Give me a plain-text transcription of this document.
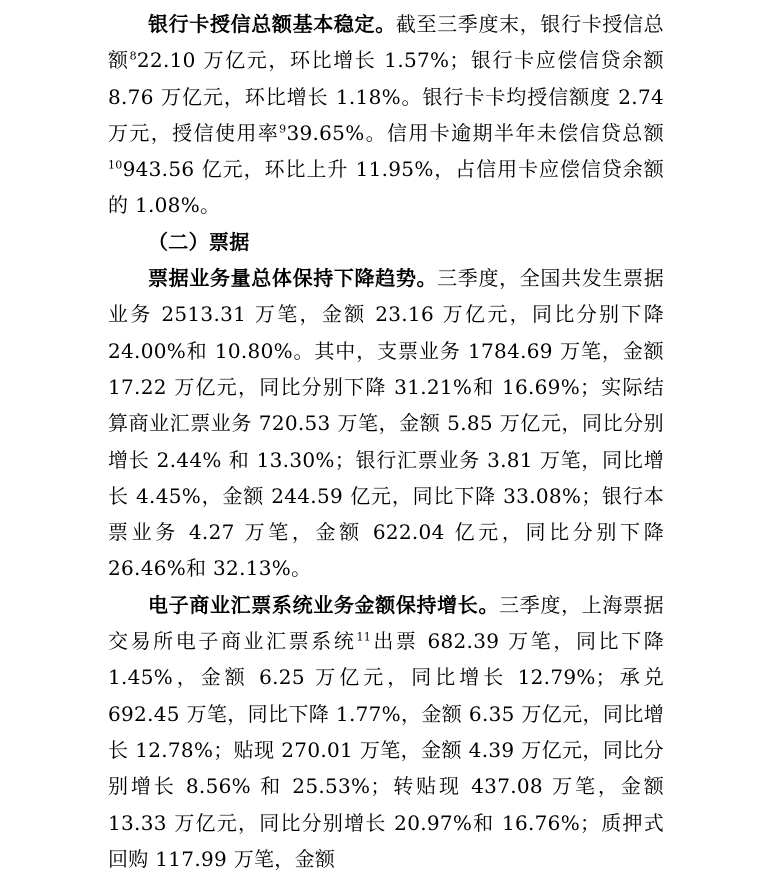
银行卡授信总额基本稳定。截至三季度末，银行卡授信总额$^8$22.10 万亿元，环比增长 1.57%；银行卡应偿信贷余额 8.76 万亿元，环比增长 1.18%。银行卡卡均授信额度 2.74 万元，授信使用率$^9$39.65%。信用卡逾期半年未偿信贷总额$^{10}$943.56 亿元，环比上升 11.95%，占信用卡应偿信贷余额的 1.08%。

（二）票据

票据业务量总体保持下降趋势。三季度，全国共发生票据业务 2513.31 万笔，金额 23.16 万亿元，同比分别下降 24.00%和 10.80%。其中，支票业务 1784.69 万笔，金额 17.22 万亿元，同比分别下降 31.21%和 16.69%；实际结算商业汇票业务 720.53 万笔，金额 5.85 万亿元，同比分别增长 2.44% 和 13.30%；银行汇票业务 3.81 万笔，同比增长 4.45%，金额 244.59 亿元，同比下降 33.08%；银行本票业务 4.27 万笔，金额 622.04 亿元，同比分别下降 26.46%和 32.13%。

电子商业汇票系统业务金额保持增长。三季度，上海票据交易所电子商业汇票系统$^{11}$出票 682.39 万笔，同比下降 1.45%，金额 6.25 万亿元，同比增长 12.79%；承兑 692.45 万笔，同比下降 1.77%，金额 6.35 万亿元，同比增长 12.78%；贴现 270.01 万笔，金额 4.39 万亿元，同比分别增长 8.56% 和 25.53%；转贴现 437.08 万笔，金额 13.33 万亿元，同比分别增长 20.97%和 16.76%；质押式回购 117.99 万笔，金额
